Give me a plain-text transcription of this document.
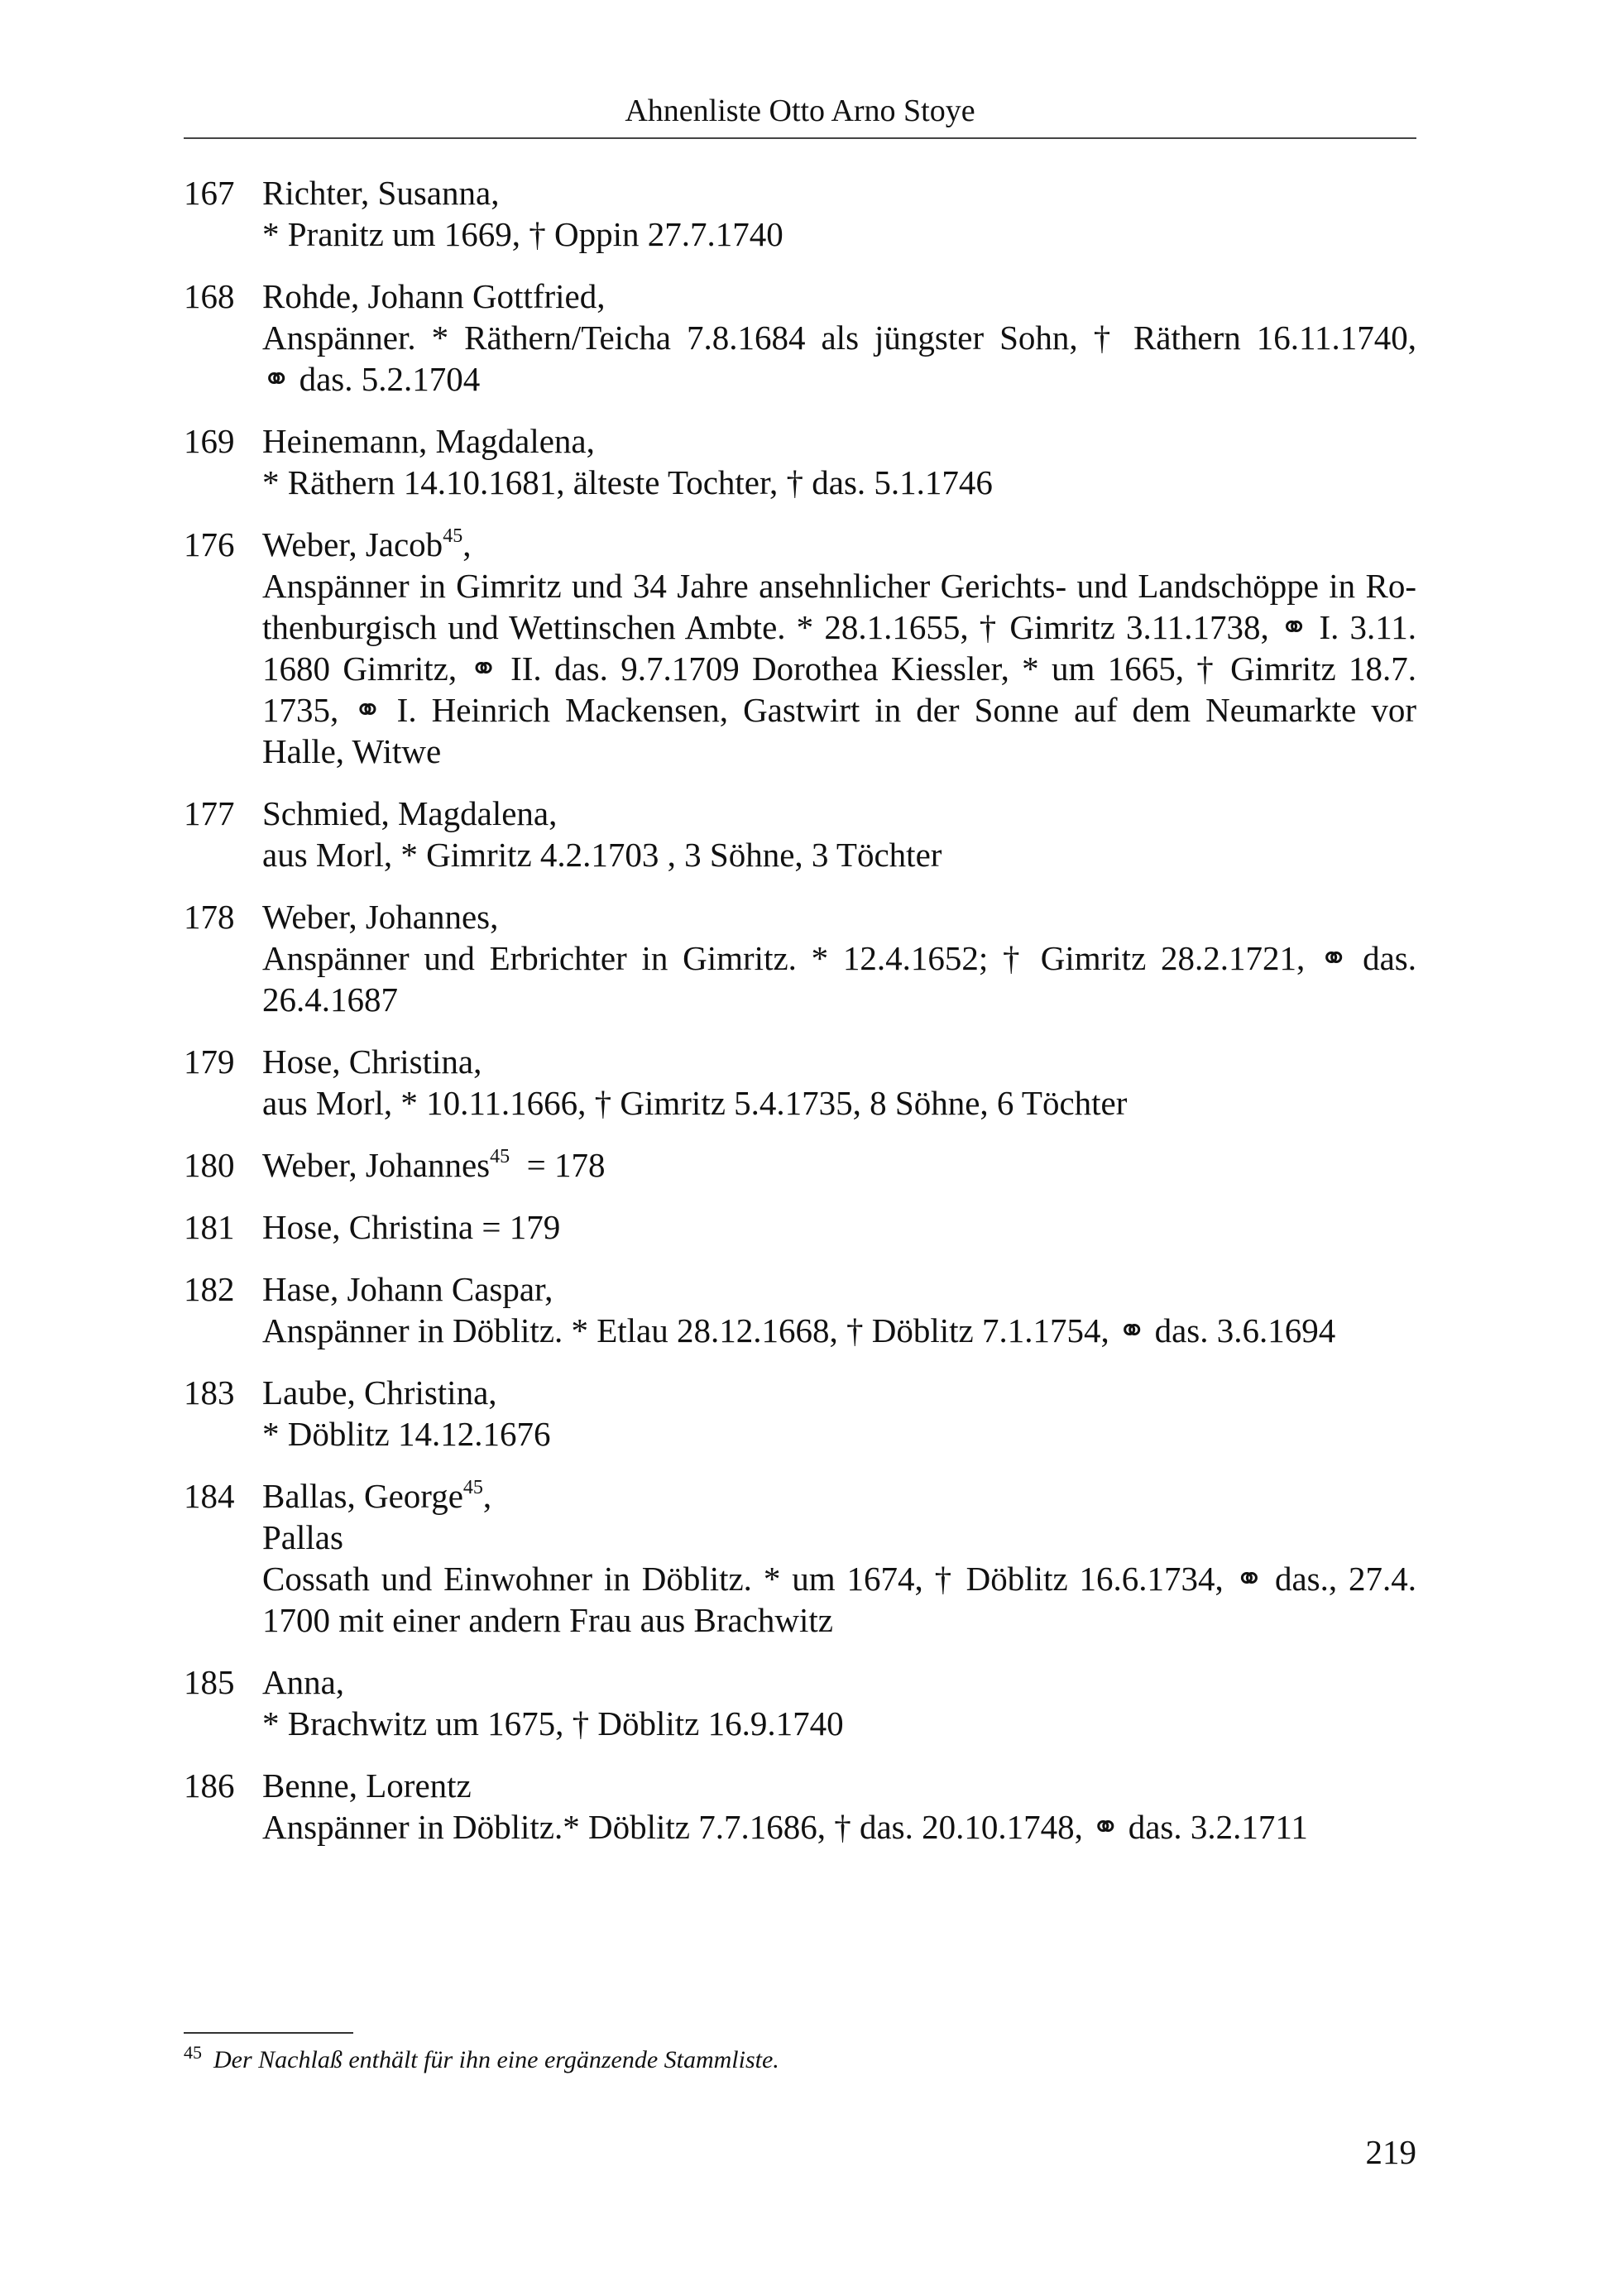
Ahnenliste Otto Arno Stoye
167 Richter, Susanna,
* Pranitz um 1669, † Oppin 27.7.1740
168 Rohde, Johann Gottfried,
Anspänner. * Räthern/Teicha 7.8.1684 als jüngster Sohn, † Räthern 16.11.1740,
⚭ das. 5.2.1704
169 Heinemann, Magdalena,
* Räthern 14.10.1681, älteste Tochter, † das. 5.1.1746
176 Weber, Jacob$^{45}$,
Anspänner in Gimritz und 34 Jahre ansehnlicher Gerichts- und Landschöppe in Ro-
thenburgisch und Wettinschen Ambte. * 28.1.1655, † Gimritz 3.11.1738, ⚭ I. 3.11.
1680 Gimritz, ⚭ II. das. 9.7.1709 Dorothea Kiessler, * um 1665, † Gimritz 18.7.
1735, ⚭ I. Heinrich Mackensen, Gastwirt in der Sonne auf dem Neumarkte vor
Halle, Witwe
177 Schmied, Magdalena,
aus Morl, * Gimritz 4.2.1703 , 3 Söhne, 3 Töchter
178 Weber, Johannes,
Anspänner und Erbrichter in Gimritz. * 12.4.1652; † Gimritz 28.2.1721, ⚭ das.
26.4.1687
179 Hose, Christina,
aus Morl, * 10.11.1666, † Gimritz 5.4.1735, 8 Söhne, 6 Töchter
180 Weber, Johannes$^{45}$  = 178
181 Hose, Christina = 179
182 Hase, Johann Caspar,
Anspänner in Döblitz. * Etlau 28.12.1668, † Döblitz 7.1.1754, ⚭ das. 3.6.1694
183 Laube, Christina,
* Döblitz 14.12.1676
184 Ballas, George$^{45}$,
Pallas
Cossath und Einwohner in Döblitz. * um 1674, † Döblitz 16.6.1734, ⚭ das., 27.4.
1700 mit einer andern Frau aus Brachwitz
185 Anna,
* Brachwitz um 1675, † Döblitz 16.9.1740
186 Benne, Lorentz
Anspänner in Döblitz.* Döblitz 7.7.1686, † das. 20.10.1748, ⚭ das. 3.2.1711
$^{45}$ Der Nachlaß enthält für ihn eine ergänzende Stammliste.
219
